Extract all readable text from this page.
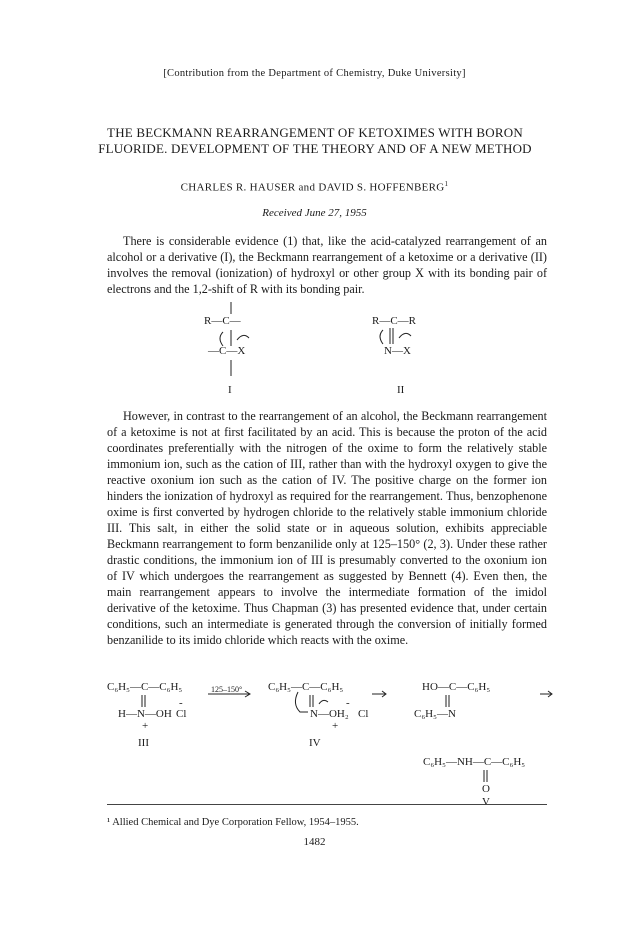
[Contribution from the Department of Chemistry, Duke University]
THE BECKMANN REARRANGEMENT OF KETOXIMES WITH BORON FLUORIDE. DEVELOPMENT OF THE THEORY AND OF A NEW METHOD
CHARLES R. HAUSER and DAVID S. HOFFENBERG$^1$
Received June 27, 1955

There is considerable evidence (1) that, like the acid-catalyzed rearrangement of an alcohol or a derivative (I), the Beckmann rearrangement of a ketoxime or a derivative (II) involves the removal (ionization) of hydroxyl or other group X with its bonding pair of electrons and the 1,2-shift of R with its bonding pair.

R—C—
—C—X
I
R—C—R
N—X
II

However, in contrast to the rearrangement of an alcohol, the Beckmann rearrangement of a ketoxime is not at first facilitated by an acid. This is because the proton of the acid coordinates preferentially with the nitrogen of the oxime to form the relatively stable immonium ion, such as the cation of III, rather than with the hydroxyl oxygen to give the reactive oxonium ion such as the cation of IV. The positive charge on the former ion hinders the ionization of hydroxyl as required for the rearrangement. Thus, benzophenone oxime is first converted by hydrogen chloride to the relatively stable immonium chloride III. This salt, in either the solid state or in aqueous solution, exhibits appreciable Beckmann rearrangement to form benzanilide only at 125–150° (2, 3). Under these rather drastic conditions, the immonium ion of III is presumably converted to the oxonium ion of IV which undergoes the rearrangement as suggested by Bennett (4). Even then, the main rearrangement appears to involve the intermediate formation of the imidol derivative of the ketoxime. Thus Chapman (3) has presented evidence that, under certain conditions, such an intermediate is generated through the conversion of initially formed benzanilide to its imido chloride which reacts with the oxime.

C₆H₅—C—C₆H₅
H—N—OH Cl
+
-
III
125–150° C₆H₅—C—C₆H₅
N—OH₂ Cl
+
-
IV
HO—C—C₆H₅
C₆H₅—N
C₆H₅—NH—C—C₆H₅
O
V
¹ Allied Chemical and Dye Corporation Fellow, 1954–1955.
1482
